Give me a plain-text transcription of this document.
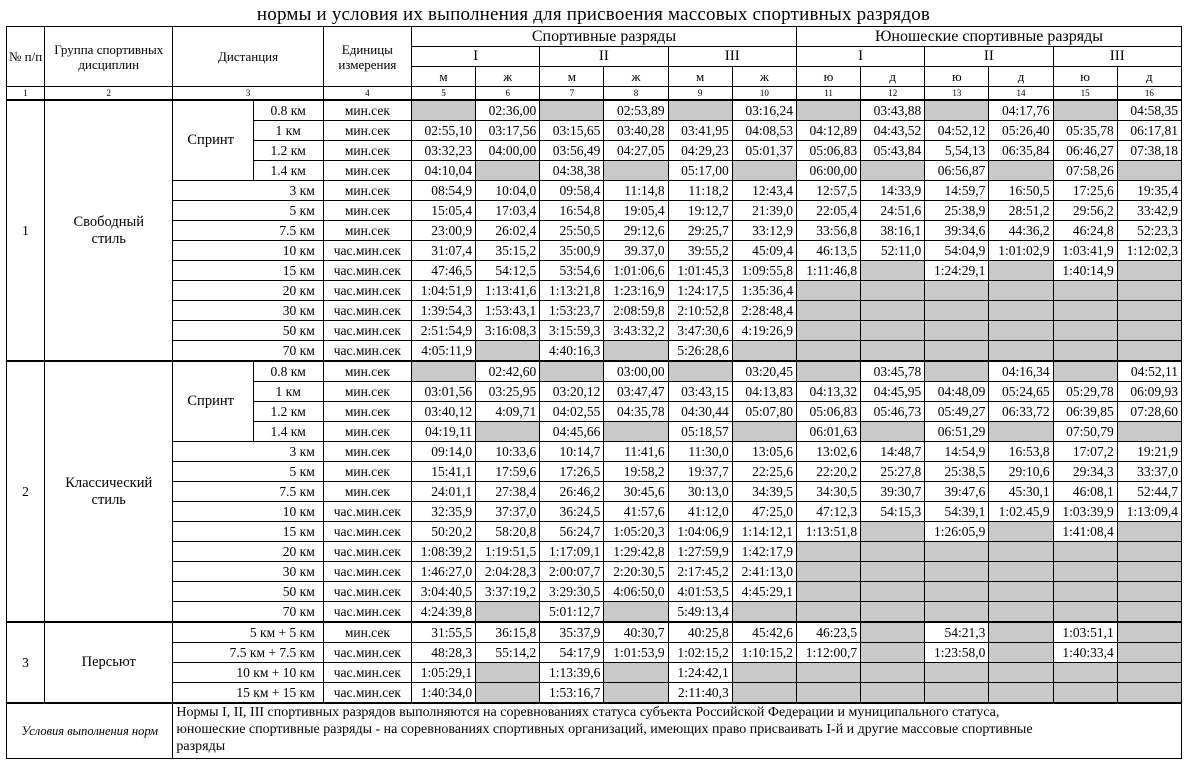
нормы и условия их выполнения для присвоения массовых спортивных разрядов
№ п/п	Группа спортивных дисциплин	Дистанция		Единицы измерения	Спортивные разряды						Юношеские спортивные разряды					
					I		II		III		I		II		III	
					м	ж	м	ж	м	ж	ю	д	ю	д	ю	д
1	2	3		4	5	6	7	8	9	10	11	12	13	14	15	16
1	Свободный стиль	Спринт	0.8 км	мин.сек		02:36,00		02:53,89		03:16,24		03:43,88		04:17,76		04:58,35
			1 км	мин.сек	02:55,10	03:17,56	03:15,65	03:40,28	03:41,95	04:08,53	04:12,89	04:43,52	04:52,12	05:26,40	05:35,78	06:17,81
			1.2 км	мин.сек	03:32,23	04:00,00	03:56,49	04:27,05	04:29,23	05:01,37	05:06,83	05:43,84	5,54,13	06:35,84	06:46,27	07:38,18
			1.4 км	мин.сек	04:10,04		04:38,38		05:17,00		06:00,00		06:56,87		07:58,26	
		3 км		мин.сек	08:54,9	10:04,0	09:58,4	11:14,8	11:18,2	12:43,4	12:57,5	14:33,9	14:59,7	16:50,5	17:25,6	19:35,4
		5 км		мин.сек	15:05,4	17:03,4	16:54,8	19:05,4	19:12,7	21:39,0	22:05,4	24:51,6	25:38,9	28:51,2	29:56,2	33:42,9
		7.5 км		мин.сек	23:00,9	26:02,4	25:50,5	29:12,6	29:25,7	33:12,9	33:56,8	38:16,1	39:34,6	44:36,2	46:24,8	52:23,3
		10 км		час.мин.сек	31:07,4	35:15,2	35:00,9	39.37,0	39:55,2	45:09,4	46:13,5	52:11,0	54:04,9	1:01:02,9	1:03:41,9	1:12:02,3
		15 км		час.мин.сек	47:46,5	54:12,5	53:54,6	1:01:06,6	1:01:45,3	1:09:55,8	1:11:46,8		1:24:29,1		1:40:14,9	
		20 км		час.мин.сек	1:04:51,9	1:13:41,6	1:13:21,8	1:23:16,9	1:24:17,5	1:35:36,4						
		30 км		час.мин.сек	1:39:54,3	1:53:43,1	1:53:23,7	2:08:59,8	2:10:52,8	2:28:48,4						
		50 км		час.мин.сек	2:51:54,9	3:16:08,3	3:15:59,3	3:43:32,2	3:47:30,6	4:19:26,9						
		70 км		час.мин.сек	4:05:11,9		4:40:16,3		5:26:28,6							
2	Классический стиль	Спринт	0.8 км	мин.сек		02:42,60		03:00,00		03:20,45		03:45,78		04:16,34		04:52,11
			1 км	мин.сек	03:01,56	03:25,95	03:20,12	03:47,47	03:43,15	04:13,83	04:13,32	04:45,95	04:48,09	05:24,65	05:29,78	06:09,93
			1.2 км	мин.сек	03:40,12	4:09,71	04:02,55	04:35,78	04:30,44	05:07,80	05:06,83	05:46,73	05:49,27	06:33,72	06:39,85	07:28,60
			1.4 км	мин.сек	04:19,11		04:45,66		05:18,57		06:01,63		06:51,29		07:50,79	
		3 км		мин.сек	09:14,0	10:33,6	10:14,7	11:41,6	11:30,0	13:05,6	13:02,6	14:48,7	14:54,9	16:53,8	17:07,2	19:21,9
		5 км		мин.сек	15:41,1	17:59,6	17:26,5	19:58,2	19:37,7	22:25,6	22:20,2	25:27,8	25:38,5	29:10,6	29:34,3	33:37,0
		7.5 км		мин.сек	24:01,1	27:38,4	26:46,2	30:45,6	30:13,0	34:39,5	34:30,5	39:30,7	39:47,6	45:30,1	46:08,1	52:44,7
		10 км		час.мин.сек	32:35,9	37:37,0	36:24,5	41:57,6	41:12,0	47:25,0	47:12,3	54:15,3	54:39,1	1:02.45,9	1:03:39,9	1:13:09,4
		15 км		час.мин.сек	50:20,2	58:20,8	56:24,7	1:05:20,3	1:04:06,9	1:14:12,1	1:13:51,8		1:26:05,9		1:41:08,4	
		20 км		час.мин.сек	1:08:39,2	1:19:51,5	1:17:09,1	1:29:42,8	1:27:59,9	1:42:17,9						
		30 км		час.мин.сек	1:46:27,0	2:04:28,3	2:00:07,7	2:20:30,5	2:17:45,2	2:41:13,0						
		50 км		час.мин.сек	3:04:40,5	3:37:19,2	3:29:30,5	4:06:50,0	4:01:53,5	4:45:29,1						
		70 км		час.мин.сек	4:24:39,8		5:01:12,7		5:49:13,4							
3	Персьют	5 км + 5 км		мин.сек	31:55,5	36:15,8	35:37,9	40:30,7	40:25,8	45:42,6	46:23,5		54:21,3		1:03:51,1	
		7.5 км + 7.5 км		час.мин.сек	48:28,3	55:14,2	54:17,9	1:01:53,9	1:02:15,2	1:10:15,2	1:12:00,7		1:23:58,0		1:40:33,4	
		10 км + 10 км		час.мин.сек	1:05:29,1		1:13:39,6		1:24:42,1							
		15 км + 15 км		час.мин.сек	1:40:34,0		1:53:16,7		2:11:40,3							
Условия выполнения норм		Нормы I, II, III спортивных разрядов выполняются на соревнованиях статуса субъекта Российской Федерации и муниципального статуса,
юношеские спортивные разряды - на соревнованиях спортивных организаций, имеющих право присваивать I-й и другие массовые спортивные
разряды														
